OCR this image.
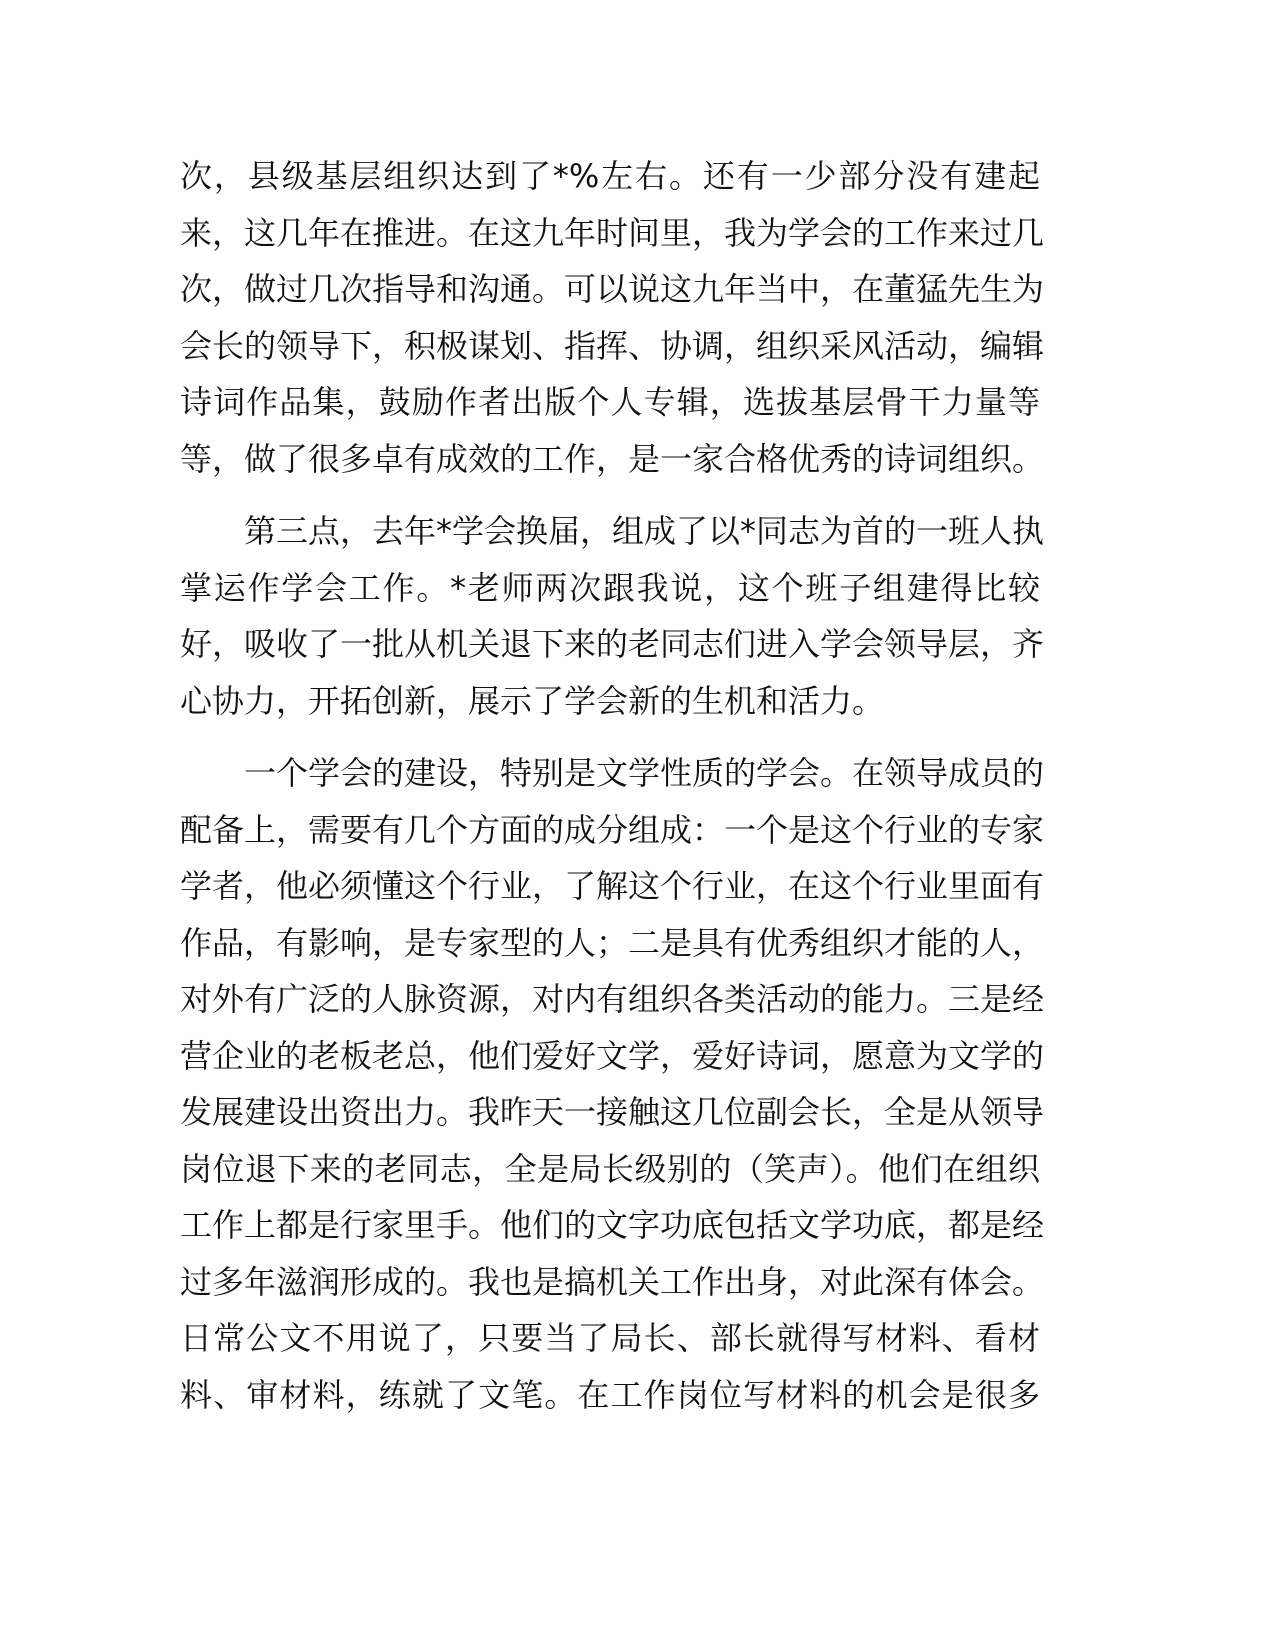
次，县级基层组织达到了*%左右。还有一少部分没有建起
来，这几年在推进。在这九年时间里，我为学会的工作来过几
次，做过几次指导和沟通。可以说这九年当中，在董猛先生为
会长的领导下，积极谋划、指挥、协调，组织采风活动，编辑
诗词作品集，鼓励作者出版个人专辑，选拔基层骨干力量等
等，做了很多卓有成效的工作，是一家合格优秀的诗词组织。
第三点，去年*学会换届，组成了以*同志为首的一班人执
掌运作学会工作。*老师两次跟我说，这个班子组建得比较
好，吸收了一批从机关退下来的老同志们进入学会领导层，齐
心协力，开拓创新，展示了学会新的生机和活力。
一个学会的建设，特别是文学性质的学会。在领导成员的
配备上，需要有几个方面的成分组成：一个是这个行业的专家
学者，他必须懂这个行业，了解这个行业，在这个行业里面有
作品，有影响，是专家型的人；二是具有优秀组织才能的人，
对外有广泛的人脉资源，对内有组织各类活动的能力。三是经
营企业的老板老总，他们爱好文学，爱好诗词，愿意为文学的
发展建设出资出力。我昨天一接触这几位副会长，全是从领导
岗位退下来的老同志，全是局长级别的（笑声）。他们在组织
工作上都是行家里手。他们的文字功底包括文学功底，都是经
过多年滋润形成的。我也是搞机关工作出身，对此深有体会。
日常公文不用说了，只要当了局长、部长就得写材料、看材
料、审材料，练就了文笔。在工作岗位写材料的机会是很多
